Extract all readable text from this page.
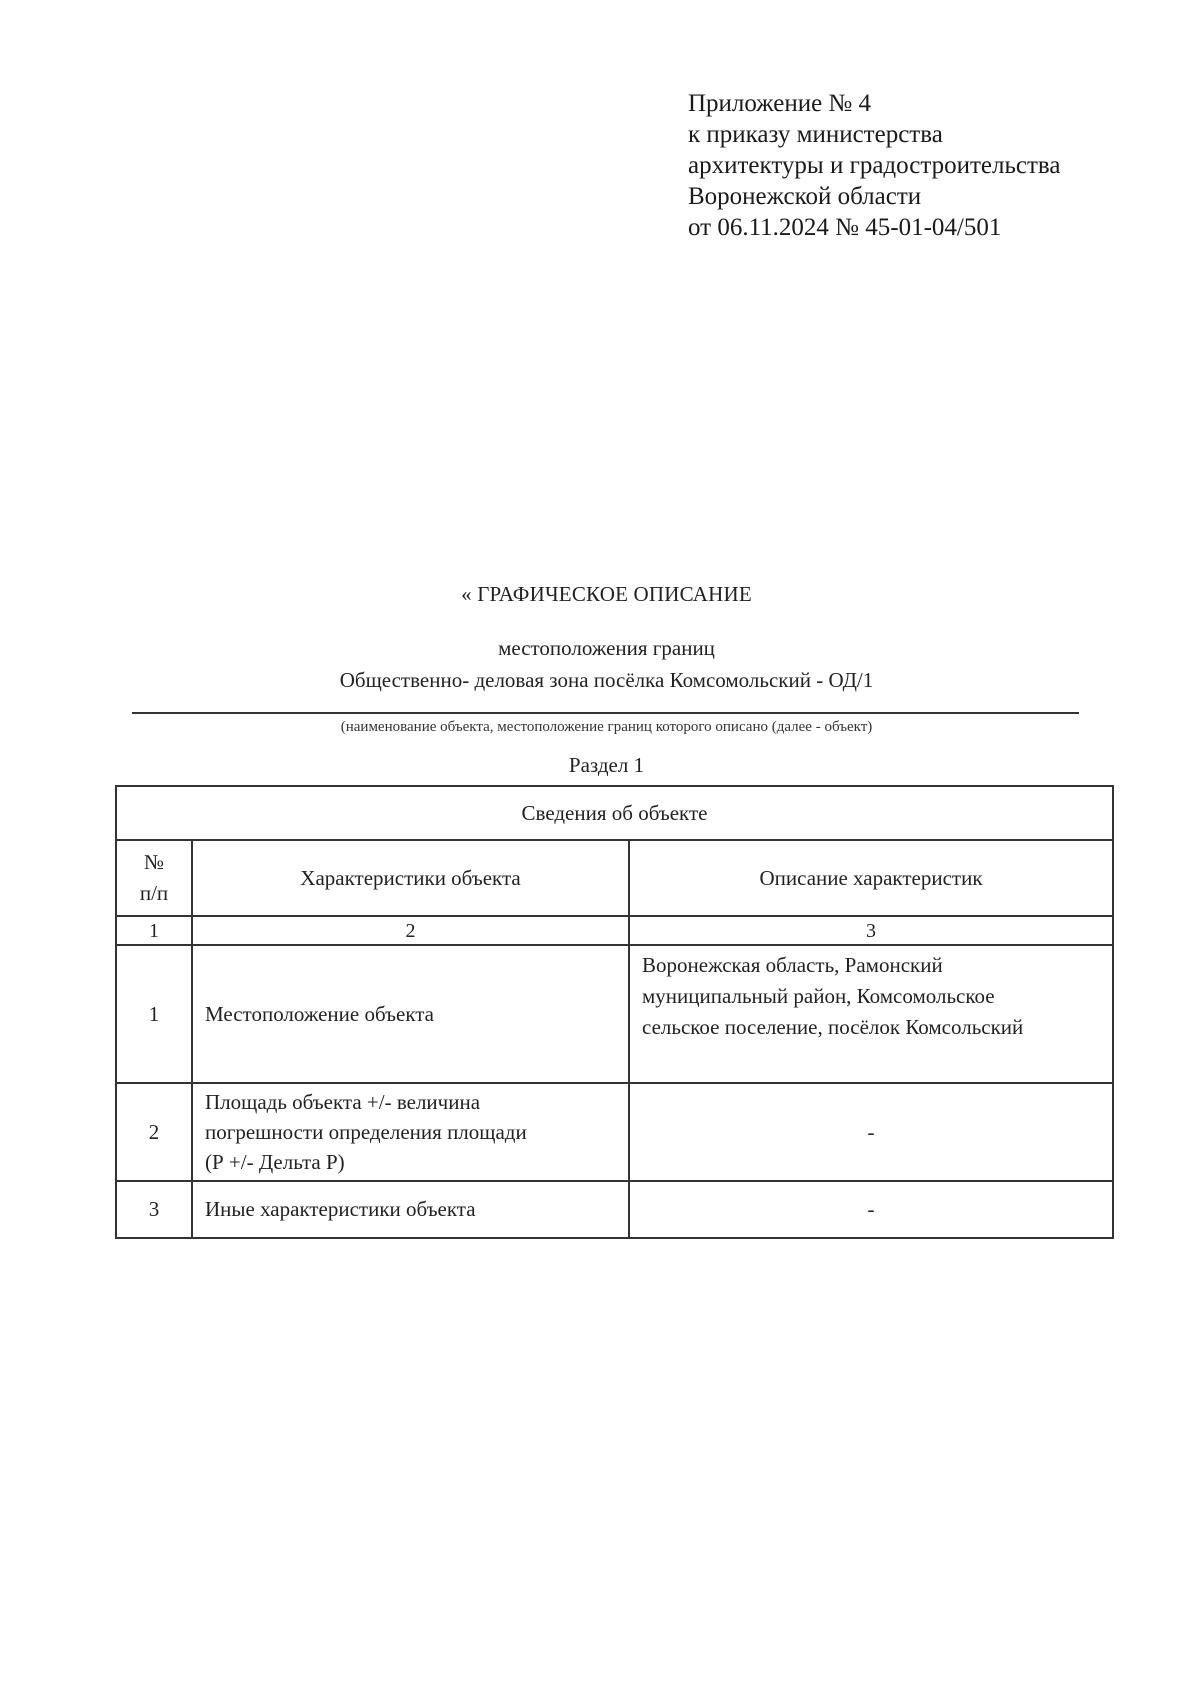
Приложение № 4
к приказу министерства
архитектуры и градостроительства
Воронежской области
от 06.11.2024 № 45-01-04/501
« ГРАФИЧЕСКОЕ ОПИСАНИЕ
местоположения границ
Общественно- деловая зона посёлка Комсомольский - ОД/1
(наименование объекта, местоположение границ которого описано (далее - объект)
Раздел 1
Сведения об объекте		

№
п/п	Характеристики объекта	Описание характеристик
1	2	3
1	Местоположение объекта	Воронежская область, Рамонский
муниципальный район, Комсомольское
сельское поселение, посёлок Комсольский

2	Площадь объекта +/- величина
погрешности определения площади
(Р +/- Дельта Р)	-
3	Иные характеристики объекта	-
